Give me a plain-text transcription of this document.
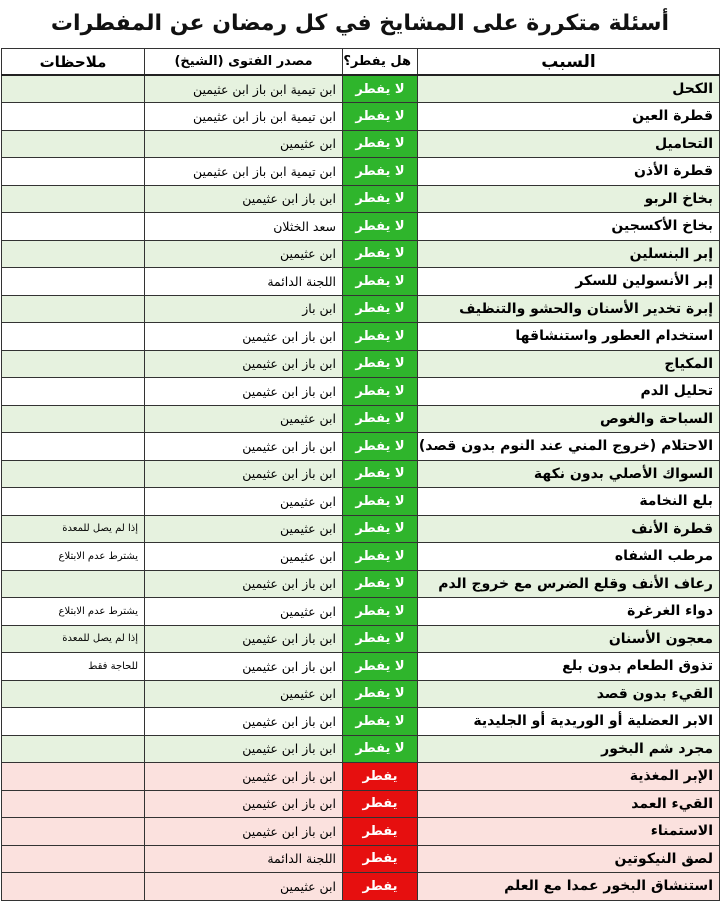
أسئلة متكررة على المشايخ في كل رمضان عن المفطرات
السبب	هل يفطر؟	مصدر الفتوى (الشيخ)	ملاحظات
الكحل	لا يفطر	ابن تيمية ابن باز ابن عثيمين	
قطرة العين	لا يفطر	ابن تيمية ابن باز ابن عثيمين	
التحاميل	لا يفطر	ابن عثيمين	
قطرة الأذن	لا يفطر	ابن تيمية ابن باز ابن عثيمين	
بخاخ الربو	لا يفطر	ابن باز ابن عثيمين	
بخاخ الأكسجين	لا يفطر	سعد الخثلان	
إبر البنسلين	لا يفطر	ابن عثيمين	
إبر الأنسولين للسكر	لا يفطر	اللجنة الدائمة	
إبرة تخدير الأسنان والحشو والتنظيف	لا يفطر	ابن باز	
استخدام العطور واستنشاقها	لا يفطر	ابن باز ابن عثيمين	
المكياج	لا يفطر	ابن باز ابن عثيمين	
تحليل الدم	لا يفطر	ابن باز ابن عثيمين	
السباحة والغوص	لا يفطر	ابن عثيمين	
الاحتلام (خروج المني عند النوم بدون قصد)	لا يفطر	ابن باز ابن عثيمين	
السواك الأصلي بدون نكهة	لا يفطر	ابن باز ابن عثيمين	
بلع النخامة	لا يفطر	ابن عثيمين	
قطرة الأنف	لا يفطر	ابن عثيمين	إذا لم يصل للمعدة
مرطب الشفاه	لا يفطر	ابن عثيمين	يشترط عدم الابتلاع
رعاف الأنف وقلع الضرس مع خروج الدم	لا يفطر	ابن باز ابن عثيمين	
دواء الغرغرة	لا يفطر	ابن عثيمين	يشترط عدم الابتلاع
معجون الأسنان	لا يفطر	ابن باز ابن عثيمين	إذا لم يصل للمعدة
تذوق الطعام بدون بلع	لا يفطر	ابن باز ابن عثيمين	للحاجة فقط
القيء بدون قصد	لا يفطر	ابن عثيمين	
الابر العضلية أو الوريدية أو الجليدية	لا يفطر	ابن باز ابن عثيمين	
مجرد شم البخور	لا يفطر	ابن باز ابن عثيمين	
الإبر المغذية	يفطر	ابن باز ابن عثيمين	
القيء العمد	يفطر	ابن باز ابن عثيمين	
الاستمناء	يفطر	ابن باز ابن عثيمين	
لصق النيكوتين	يفطر	اللجنة الدائمة	
استنشاق البخور عمدا مع العلم	يفطر	ابن عثيمين	
